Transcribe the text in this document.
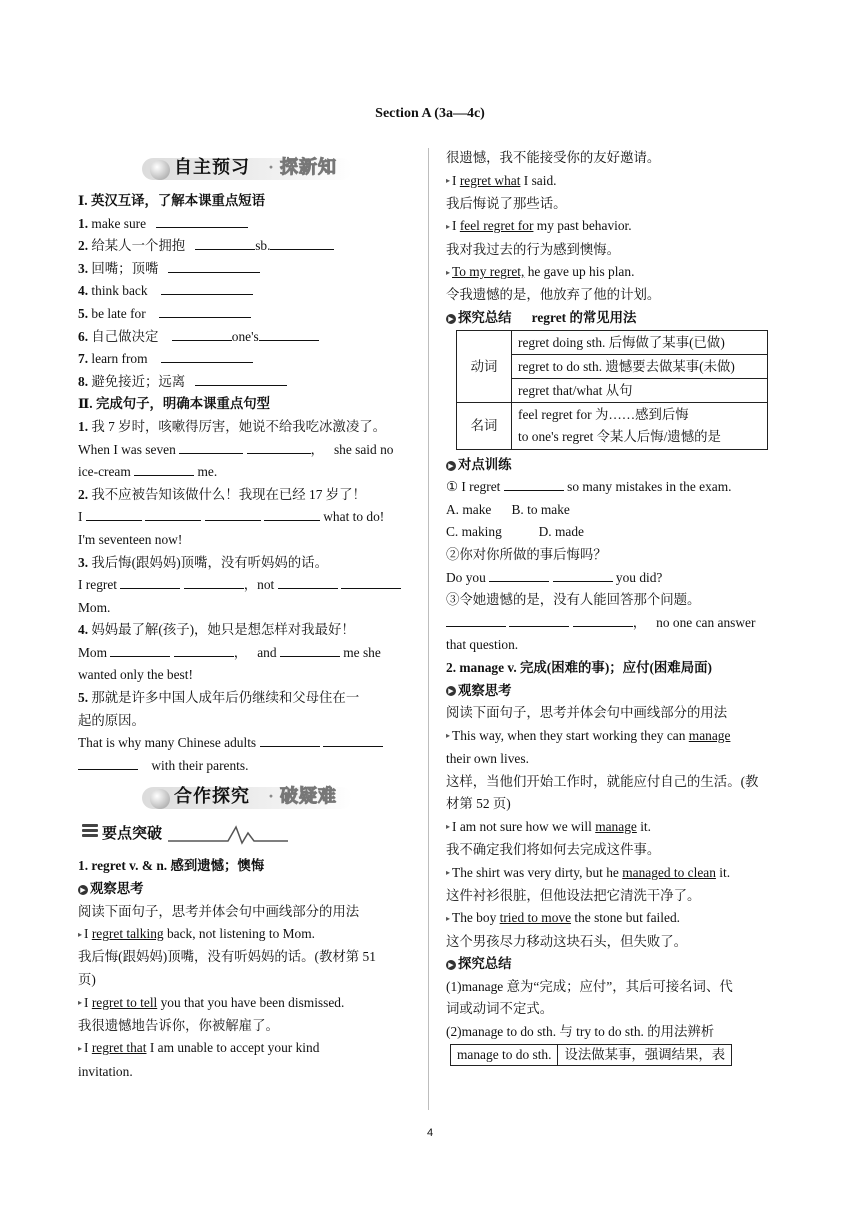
Section A (3a—4c)
自主预习 · 探新知
Ⅰ. 英汉互译，了解本课重点短语
1. make sure
2. 给某人一个拥抱	sb.
3. 回嘴；顶嘴
4. think back
5. be late for
6. 自己做决定	one's
7. learn from
8. 避免接近；远离
Ⅱ. 完成句子，明确本课重点句型
1. 我 7 岁时，咳嗽得厉害，她说不给我吃冰激凌了。
When I was seven	， she said no
ice-cream	me.
2. 我不应被告知该做什么！我现在已经 17 岁了！
I	what to do!
I'm seventeen now!
3. 我后悔(跟妈妈)顶嘴，没有听妈妈的话。
I regret	，not
Mom.
4. 妈妈最了解(孩子)，她只是想怎样对我最好！
Mom	， and	me she
wanted only the best!
5. 那就是许多中国人成年后仍继续和父母住在一
起的原因。
That is why many Chinese adults
with their parents.
合作探究 · 破疑难
要点突破
1. regret v. & n. 感到遗憾；懊悔
▶ 观察思考
阅读下面句子，思考并体会句中画线部分的用法
▸ I regret talking back, not listening to Mom.
我后悔(跟妈妈)顶嘴，没有听妈妈的话。(教材第 51
页)
▸ I regret to tell you that you have been dismissed.
我很遗憾地告诉你，你被解雇了。
▸ I regret that I am unable to accept your kind
invitation.
很遗憾，我不能接受你的友好邀请。
▸ I regret what I said.
我后悔说了那些话。
▸ I feel regret for my past behavior.
我对我过去的行为感到懊悔。
▸ To my regret, he gave up his plan.
令我遗憾的是，他放弃了他的计划。
▶ 探究总结 regret 的常见用法
动词	regret doing sth. 后悔做了某事(已做)
	regret to do sth. 遗憾要去做某事(未做)
	regret that/what 从句
名词	feel regret for 为……感到后悔
to one's regret 令某人后悔/遗憾的是
▶ 对点训练
① I regret	so many mistakes in the exam.
A. make B. to make
C. making	D. made
②你对你所做的事后悔吗？
Do you	you did?
③令她遗憾的是，没有人能回答那个问题。
， no one can answer
that question.
2. manage v. 完成(困难的事)；应付(困难局面)
▶ 观察思考
阅读下面句子，思考并体会句中画线部分的用法
▸ This way, when they start working they can manage
their own lives.
这样，当他们开始工作时，就能应付自己的生活。(教
材第 52 页)
▸ I am not sure how we will manage it.
我不确定我们将如何去完成这件事。
▸ The shirt was very dirty, but he managed to clean it.
这件衬衫很脏，但他设法把它清洗干净了。
▸ The boy tried to move the stone but failed.
这个男孩尽力移动这块石头，但失败了。
▶ 探究总结
(1)manage 意为“完成；应付”，其后可接名词、代
词或动词不定式。
(2)manage to do sth. 与 try to do sth. 的用法辨析
manage to do sth.	设法做某事，强调结果，表
4
